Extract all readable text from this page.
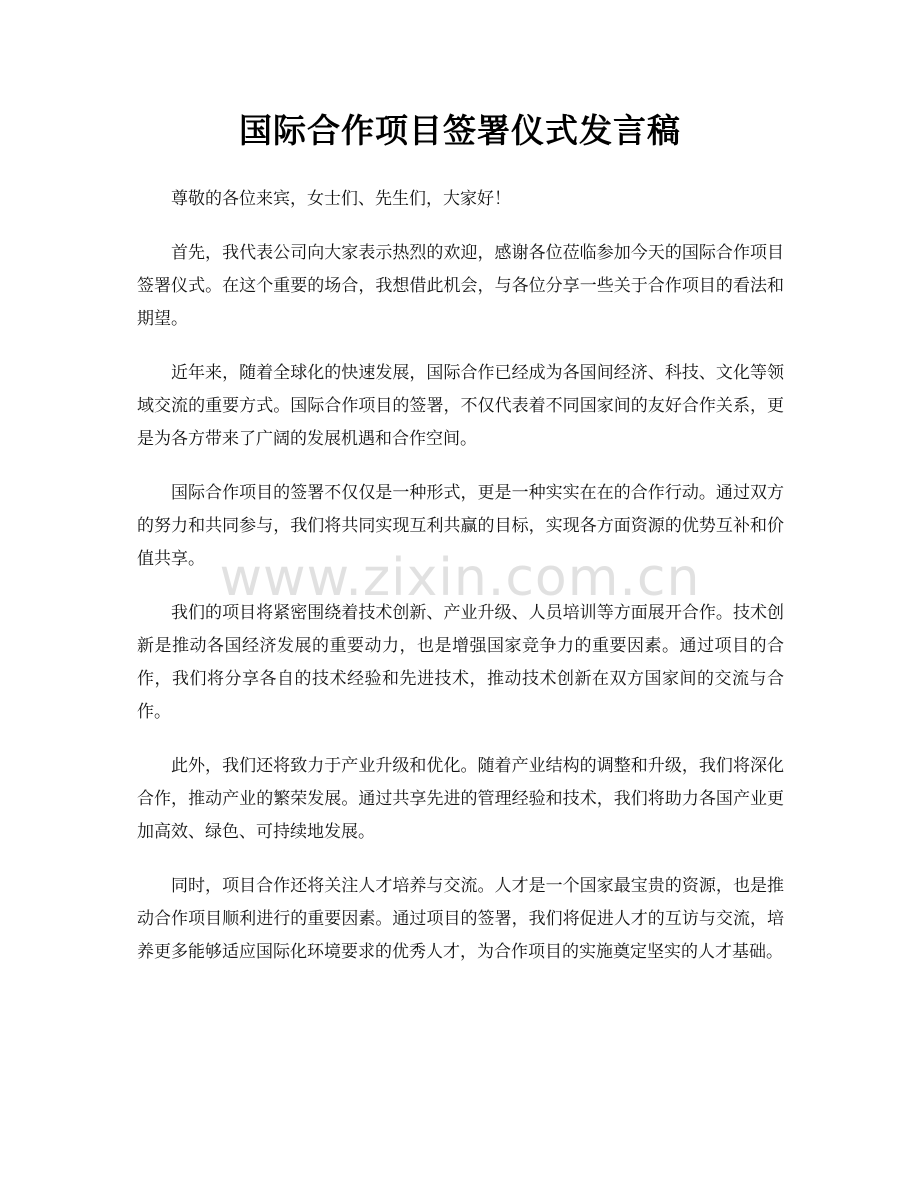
国际合作项目签署仪式发言稿

尊敬的各位来宾，女士们、先生们，大家好！

首先，我代表公司向大家表示热烈的欢迎，感谢各位莅临参加今天的国际合作项目签署仪式。在这个重要的场合，我想借此机会，与各位分享一些关于合作项目的看法和期望。

近年来，随着全球化的快速发展，国际合作已经成为各国间经济、科技、文化等领域交流的重要方式。国际合作项目的签署，不仅代表着不同国家间的友好合作关系，更是为各方带来了广阔的发展机遇和合作空间。

国际合作项目的签署不仅仅是一种形式，更是一种实实在在的合作行动。通过双方的努力和共同参与，我们将共同实现互利共赢的目标，实现各方面资源的优势互补和价值共享。

我们的项目将紧密围绕着技术创新、产业升级、人员培训等方面展开合作。技术创新是推动各国经济发展的重要动力，也是增强国家竞争力的重要因素。通过项目的合作，我们将分享各自的技术经验和先进技术，推动技术创新在双方国家间的交流与合作。

此外，我们还将致力于产业升级和优化。随着产业结构的调整和升级，我们将深化合作，推动产业的繁荣发展。通过共享先进的管理经验和技术，我们将助力各国产业更加高效、绿色、可持续地发展。

同时，项目合作还将关注人才培养与交流。人才是一个国家最宝贵的资源，也是推动合作项目顺利进行的重要因素。通过项目的签署，我们将促进人才的互访与交流，培养更多能够适应国际化环境要求的优秀人才，为合作项目的实施奠定坚实的人才基础。

www.zixin.com.cn
